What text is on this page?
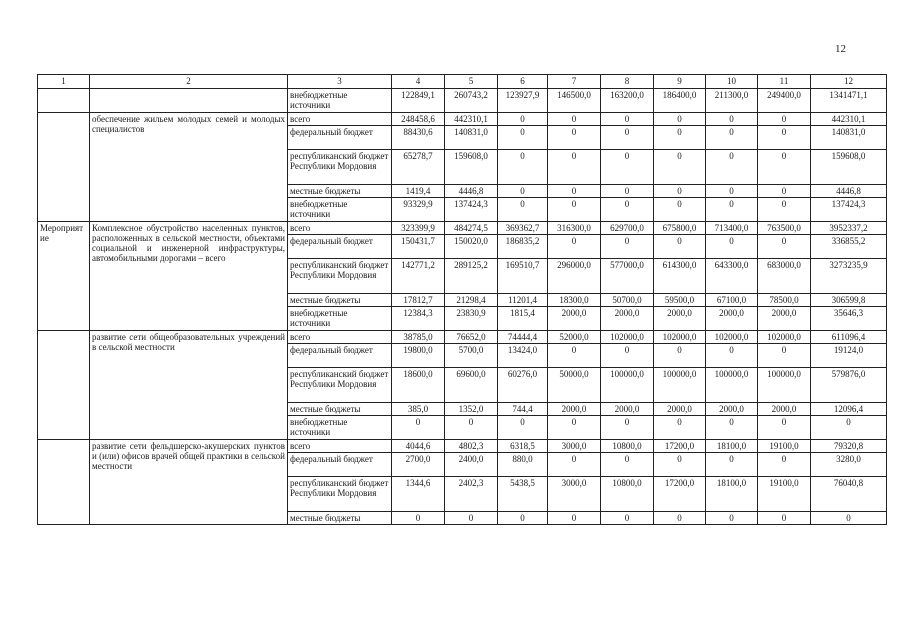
12
1	2	3	4	5	6	7	8	9	10	11	12
		внебюджетные источники	122849,1	260743,2	123927,9	146500,0	163200,0	186400,0	211300,0	249400,0	1341471,1
	обеспечение жильем молодых семей и молодых специалистов	всего	248458,6	442310,1	0	0	0	0	0	0	442310,1
		федеральный бюджет	88430,6	140831,0	0	0	0	0	0	0	140831,0
		республиканский бюджет Республики Мордовия	65278,7	159608,0	0	0	0	0	0	0	159608,0
		местные бюджеты	1419,4	4446,8	0	0	0	0	0	0	4446,8
		внебюджетные источники	93329,9	137424,3	0	0	0	0	0	0	137424,3
Мероприятие	Комплексное обустройство населенных пунктов, расположенных в сельской местности, объектами социальной и инженерной инфраструктуры, автомобильными дорогами – всего	всего	323399,9	484274,5	369362,7	316300,0	629700,0	675800,0	713400,0	763500,0	3952337,2
		федеральный бюджет	150431,7	150020,0	186835,2	0	0	0	0	0	336855,2
		республиканский бюджет Республики Мордовия	142771,2	289125,2	169510,7	296000,0	577000,0	614300,0	643300,0	683000,0	3273235,9
		местные бюджеты	17812,7	21298,4	11201,4	18300,0	50700,0	59500,0	67100,0	78500,0	306599,8
		внебюджетные источники	12384,3	23830,9	1815,4	2000,0	2000,0	2000,0	2000,0	2000,0	35646,3
	развитие сети общеобразовательных учреждений в сельской местности	всего	38785,0	76652,0	74444,4	52000,0	102000,0	102000,0	102000,0	102000,0	611096,4
		федеральный бюджет	19800,0	5700,0	13424,0	0	0	0	0	0	19124,0
		республиканский бюджет Республики Мордовия	18600,0	69600,0	60276,0	50000,0	100000,0	100000,0	100000,0	100000,0	579876,0
		местные бюджеты	385,0	1352,0	744,4	2000,0	2000,0	2000,0	2000,0	2000,0	12096,4
		внебюджетные источники	0	0	0	0	0	0	0	0	0
	развитие сети фельдшерско-акушерских пунктов и (или) офисов врачей общей практики в сельской местности	всего	4044,6	4802,3	6318,5	3000,0	10800,0	17200,0	18100,0	19100,0	79320,8
		федеральный бюджет	2700,0	2400,0	880,0	0	0	0	0	0	3280,0
		республиканский бюджет Республики Мордовия	1344,6	2402,3	5438,5	3000,0	10800,0	17200,0	18100,0	19100,0	76040,8
		местные бюджеты	0	0	0	0	0	0	0	0	0
